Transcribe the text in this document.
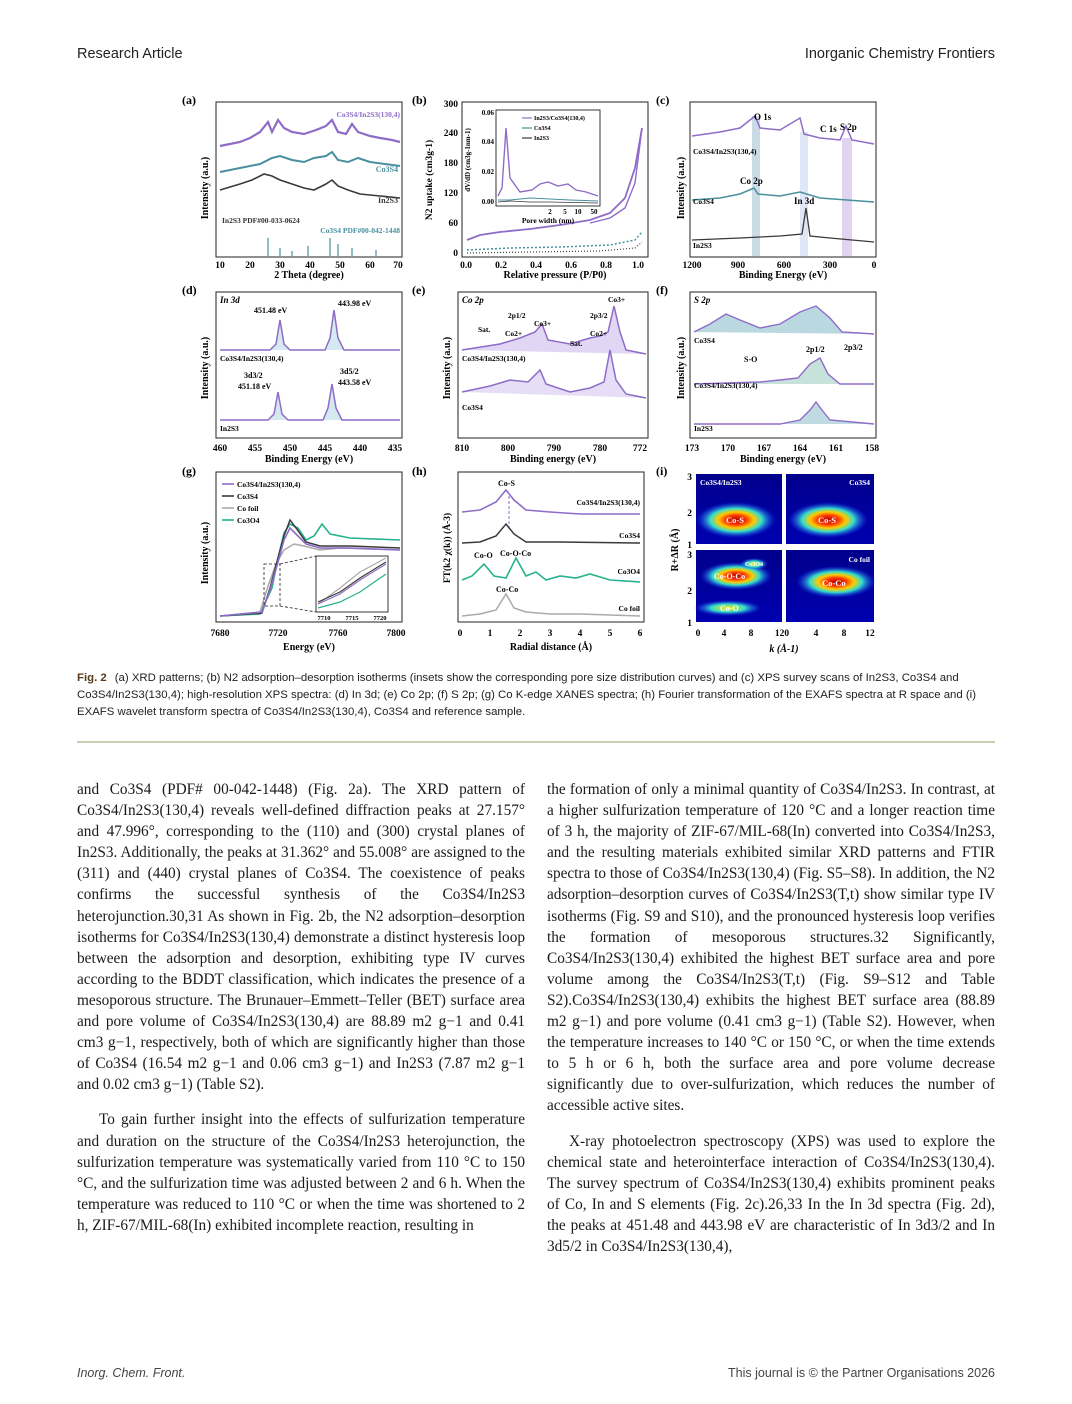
Research Article	Inorganic Chemistry Frontiers
(a)
Intensity (a.u.)
2 Theta (degree)
10 20 30 40 50 60 70
Co3S4/In2S3(130,4)
Co3S4
In2S3
In2S3 PDF#00-033-0624
Co3S4 PDF#00-042-1448
(b)
N2 uptake (cm3g-1)
Relative pressure (P/P0)
0
60
120
180
240
300
0.0 0.2 0.4 0.6 0.8 1.0
dV/dD (cm3g-1nm-1)
0.00
0.02
0.04
0.06
2 5 10 50
Pore width (nm)
In2S3/Co3S4(130,4)
Co3S4
In2S3
(c)
Intensity (a.u.)
Binding Energy (eV)
1200	900	600	300	0
O 1s
C 1s S 2p
Co 2p
In 3d
Co3S4/In2S3(130,4)
Co3S4
In2S3
(d)
In 3d
Intensity (a.u.)
Binding Energy (eV)
460 455 450 445 440 435
451.48 eV
443.98 eV
3d3/2
451.18 eV
3d5/2
443.58 eV
Co3S4/In2S3(130,4)
In2S3
(e)
Co 2p
Intensity (a.u.)
Binding energy (eV)
810	800	790	780	772
Sat. Co2+
2p1/2
Co3+
2p3/2
Co3+
Co2+
Sat.
Co3S4/In2S3(130,4)
Co3S4
(f)
S 2p
Intensity (a.u.)
Binding energy (eV)
173 170 167 164 161 158
S-O
2p1/2 2p3/2
Co3S4
Co3S4/In2S3(130,4)
In2S3
(g)
Intensity (a.u.)
Energy (eV)
7680	7720	7760	7800
7710 7715 7720
Co3S4/In2S3(130,4)
Co3S4
Co foil
Co3O4
(h)
FT(k2 χ(k)) (Å-3)
Radial distance (Å)
0	1	2	3	4	5	6
Co-S
Co-O Co-O-Co
Co-Co
Co3S4/In2S3(130,4)
Co3S4
Co3O4
Co foil
(i)
R+ΔR (Å)
3
2
1
3
2
1
Co3S4/In2S3
Co-S
Co3S4
Co-S
Co3O4
Co-O-Co
Co-O
Co foil
Co-Co
0 4 8 120	4 8 12
k (Å-1)
Fig. 2 (a) XRD patterns; (b) N2 adsorption–desorption isotherms (insets show the corresponding pore size distribution curves) and (c) XPS survey scans of In2S3, Co3S4 and Co3S4/In2S3(130,4); high-resolution XPS spectra: (d) In 3d; (e) Co 2p; (f) S 2p; (g) Co K-edge XANES spectra; (h) Fourier transformation of the EXAFS spectra at R space and (i) EXAFS wavelet transform spectra of Co3S4/In2S3(130,4), Co3S4 and reference sample.

and Co3S4 (PDF# 00-042-1448) (Fig. 2a). The XRD pattern of Co3S4/In2S3(130,4) reveals well-defined diffraction peaks at 27.157° and 47.996°, corresponding to the (110) and (300) crystal planes of In2S3. Additionally, the peaks at 31.362° and 55.008° are assigned to the (311) and (440) crystal planes of Co3S4. The coexistence of peaks confirms the successful synthesis of the Co3S4/In2S3 heterojunction.30,31 As shown in Fig. 2b, the N2 adsorption–desorption isotherms for Co3S4/In2S3(130,4) demonstrate a distinct hysteresis loop between the adsorption and desorption, exhibiting type IV curves according to the BDDT classification, which indicates the presence of a mesoporous structure. The Brunauer–Emmett–Teller (BET) surface area and pore volume of Co3S4/In2S3(130,4) are 88.89 m2 g−1 and 0.41 cm3 g−1, respectively, both of which are significantly higher than those of Co3S4 (16.54 m2 g−1 and 0.06 cm3 g−1) and In2S3 (7.87 m2 g−1 and 0.02 cm3 g−1) (Table S2).

To gain further insight into the effects of sulfurization temperature and duration on the structure of the Co3S4/In2S3 heterojunction, the sulfurization temperature was systematically varied from 110 °C to 150 °C, and the sulfurization time was adjusted between 2 and 6 h. When the temperature was reduced to 110 °C or when the time was shortened to 2 h, ZIF-67/MIL-68(In) exhibited incomplete reaction, resulting in

the formation of only a minimal quantity of Co3S4/In2S3. In contrast, at a higher sulfurization temperature of 120 °C and a longer reaction time of 3 h, the majority of ZIF-67/MIL-68(In) converted into Co3S4/In2S3, and the resulting materials exhibited similar XRD patterns and FTIR spectra to those of Co3S4/In2S3(130,4) (Fig. S5–S8). In addition, the N2 adsorption–desorption curves of Co3S4/In2S3(T,t) show similar type IV isotherms (Fig. S9 and S10), and the pronounced hysteresis loop verifies the formation of mesoporous structures.32 Significantly, Co3S4/In2S3(130,4) exhibited the highest BET surface area and pore volume among the Co3S4/In2S3(T,t) (Fig. S9–S12 and Table S2).Co3S4/In2S3(130,4) exhibits the highest BET surface area (88.89 m2 g−1) and pore volume (0.41 cm3 g−1) (Table S2). However, when the temperature increases to 140 °C or 150 °C, or when the time extends to 5 h or 6 h, both the surface area and pore volume decrease significantly due to over-sulfurization, which reduces the number of accessible active sites.

X-ray photoelectron spectroscopy (XPS) was used to explore the chemical state and heterointerface interaction of Co3S4/In2S3(130,4). The survey spectrum of Co3S4/In2S3(130,4) exhibits prominent peaks of Co, In and S elements (Fig. 2c).26,33 In the In 3d spectra (Fig. 2d), the peaks at 451.48 and 443.98 eV are characteristic of In 3d3/2 and In 3d5/2 in Co3S4/In2S3(130,4),

Inorg. Chem. Front.	This journal is © the Partner Organisations 2026
